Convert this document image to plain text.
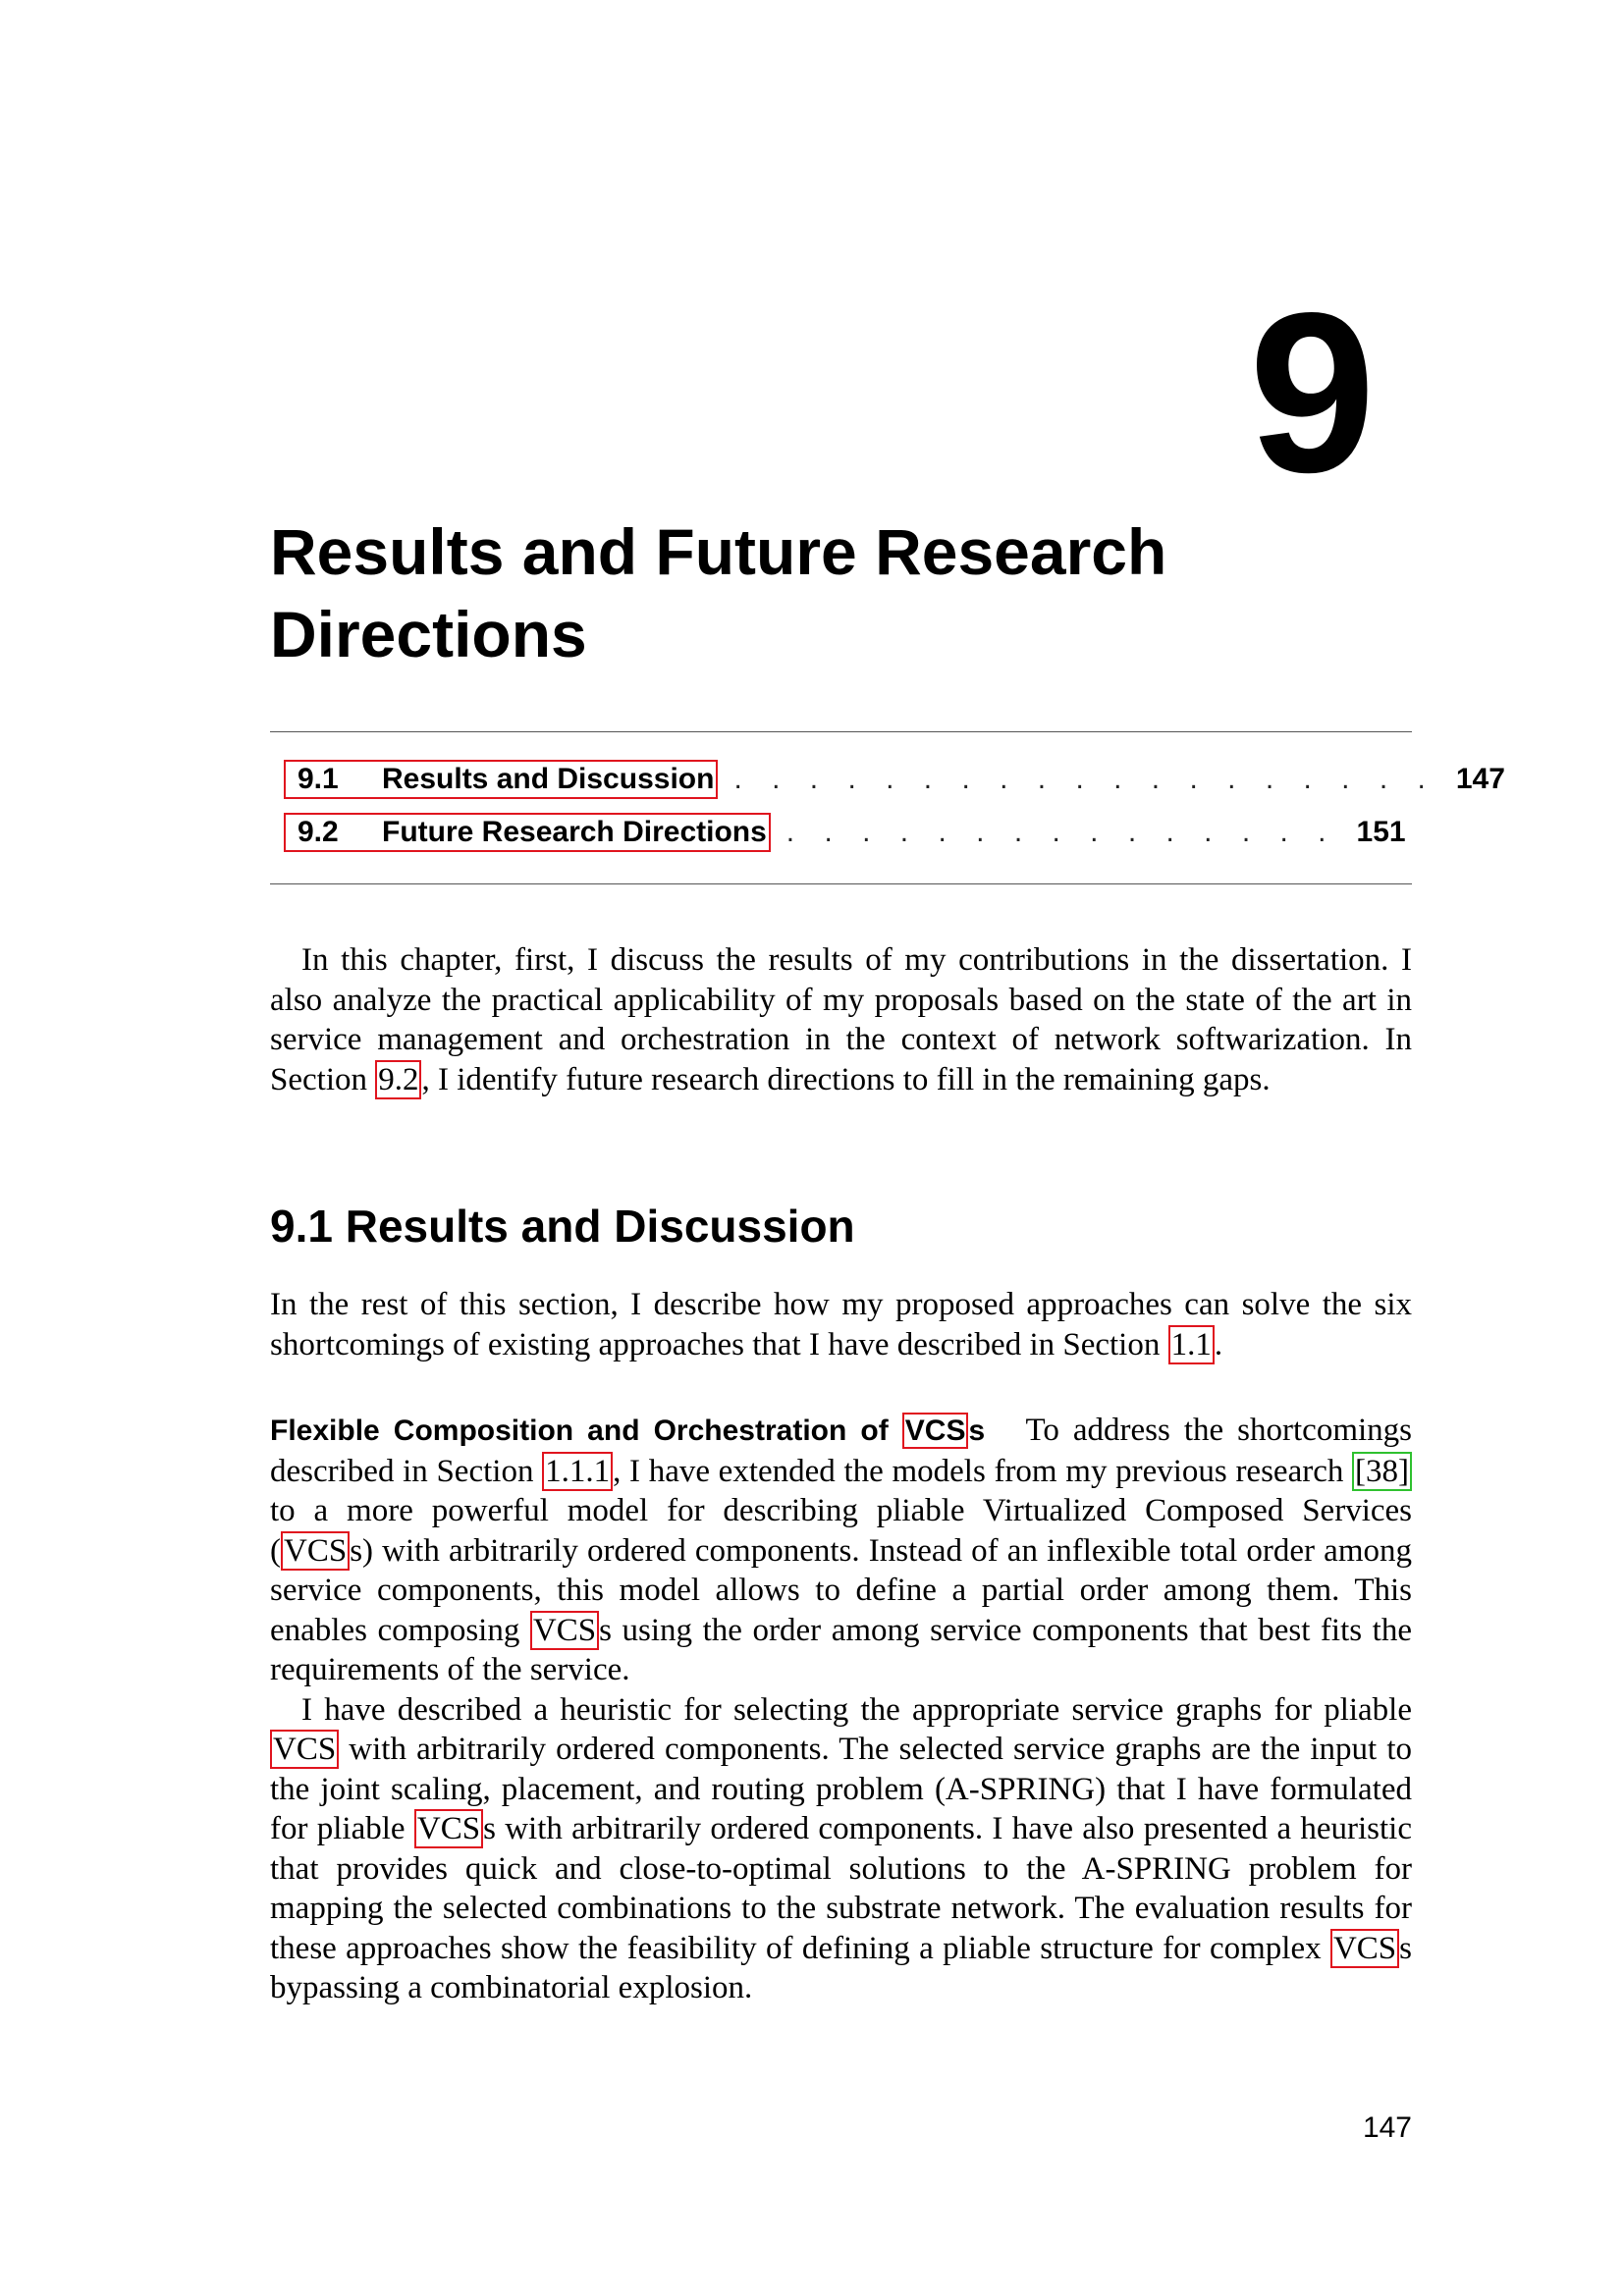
9
Results and Future Research Directions
9.1	Results and Discussion . . . . . . . . . . . . . . . . . . . 147
9.2	Future Research Directions . . . . . . . . . . . . . . . 151

In this chapter, first, I discuss the results of my contributions in the dissertation. I also analyze the practical applicability of my proposals based on the state of the art in service management and orchestration in the context of network softwarization. In Section 9.2, I identify future research directions to fill in the remaining gaps.

9.1 Results and Discussion

In the rest of this section, I describe how my proposed approaches can solve the six shortcomings of existing approaches that I have described in Section 1.1.

Flexible Composition and Orchestration of VCS s To address the shortcomings described in Section 1.1.1, I have extended the models from my previous research [38] to a more powerful model for describing pliable Virtualized Composed Services (VCSs) with arbitrarily ordered components. Instead of an inflexible total order among service components, this model allows to define a partial order among them. This enables composing VCSs using the order among service components that best fits the requirements of the service.

I have described a heuristic for selecting the appropriate service graphs for pliable VCS with arbitrarily ordered components. The selected service graphs are the input to the joint scaling, placement, and routing problem (A-SPRING) that I have formulated for pliable VCSs with arbitrarily ordered components. I have also presented a heuristic that provides quick and close-to-optimal solutions to the A-SPRING problem for mapping the selected combinations to the substrate network. The evaluation results for these approaches show the feasibility of defining a pliable structure for complex VCSs bypassing a combinatorial explosion.

147
